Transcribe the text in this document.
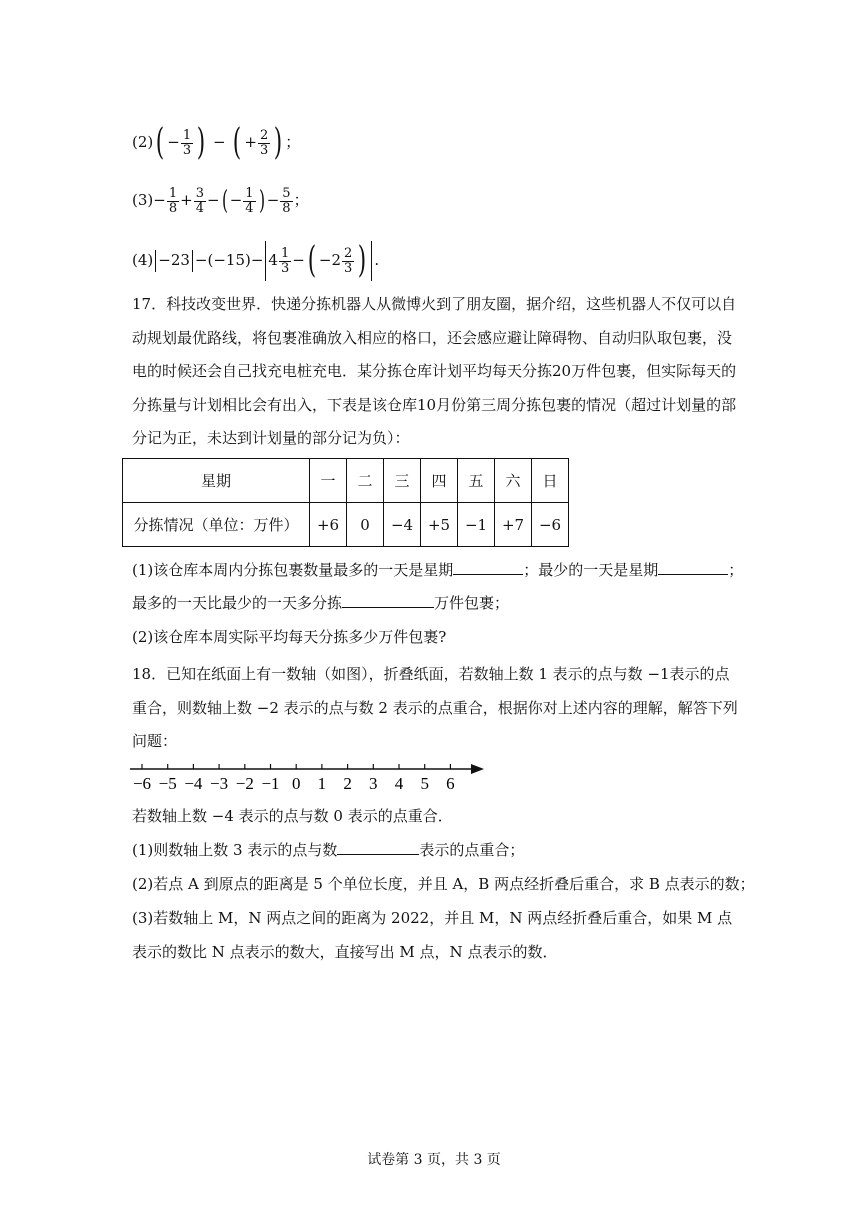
$(2)( - \frac{1}{3}$ ) − ( + $\frac{2}{3}$ ) ；
$(3)- \frac{1}{8} + \frac{3}{4}$ −( − $\frac{1}{4}$ ) − $\frac{5}{8}$ ；
$(4) -23 -(-15)- 4 \frac{1}{3}$ −( $-2 \frac{2}{3}$ ) .
17．科技改变世界．快递分拣机器人从微博火到了朋友圈，据介绍，这些机器人不仅可以自动规划最优路线，将包裹准确放入相应的格口，还会感应避让障碍物、自动归队取包裹，没电的时候还会自己找充电桩充电．某分拣仓库计划平均每天分拣20万件包裹，但实际每天的分拣量与计划相比会有出入，下表是该仓库10月份第三周分拣包裹的情况（超过计划量的部分记为正，未达到计划量的部分记为负）：
星期	一	二	三	四	五	六	日
分拣情况（单位：万件）	+6	0	−4	+5	−1	+7	−6
(1)该仓库本周内分拣包裹数量最多的一天是星期	；最少的一天是星期	；
最多的一天比最少的一天多分拣	万件包裹；
(2)该仓库本周实际平均每天分拣多少万件包裹?
18．已知在纸面上有一数轴（如图），折叠纸面，若数轴上数 1 表示的点与数 −1表示的点重合，则数轴上数 −2 表示的点与数 2 表示的点重合，根据你对上述内容的理解，解答下列问题：
−6 −5 −4 −3 −2 −1 0 1 2 3 4 5 6
若数轴上数 −4 表示的点与数 0 表示的点重合．
(1)则数轴上数 3 表示的点与数	表示的点重合；
(2)若点 A 到原点的距离是 5 个单位长度，并且 A，B 两点经折叠后重合，求 B 点表示的数；
(3)若数轴上 M，N 两点之间的距离为 2022，并且 M，N 两点经折叠后重合，如果 M 点表示的数比 N 点表示的数大，直接写出 M 点，N 点表示的数．
试卷第 3 页，共 3 页
